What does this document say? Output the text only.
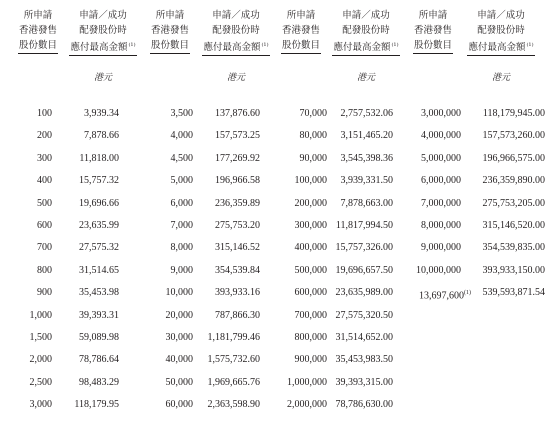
所申請
香港發售
股份數目
申請／成功
配發股份時
應付最高金額$^{(1)}$
港元
100	3,939.34
200	7,878.66
300	11,818.00
400	15,757.32
500	19,696.66
600	23,635.99
700	27,575.32
800	31,514.65
900	35,453.98
1,000	39,393.31
1,500	59,089.98
2,000	78,786.64
2,500	98,483.29
3,000 118,179.95
所申請
香港發售
股份數目
申請／成功
配發股份時
應付最高金額$^{(1)}$
港元
3,500 137,876.60
4,000 157,573.25
4,500 177,269.92
5,000 196,966.58
6,000 236,359.89
7,000 275,753.20
8,000 315,146.52
9,000 354,539.84
10,000 393,933.16
20,000 787,866.30
30,000 1,181,799.46
40,000 1,575,732.60
50,000 1,969,665.76
60,000 2,363,598.90
所申請
香港發售
股份數目
申請／成功
配發股份時
應付最高金額$^{(1)}$
港元
70,000 2,757,532.06
80,000 3,151,465.20
90,000 3,545,398.36
100,000 3,939,331.50
200,000 7,878,663.00
300,000 11,817,994.50
400,000 15,757,326.00
500,000 19,696,657.50
600,000 23,635,989.00
700,000 27,575,320.50
800,000 31,514,652.00
900,000 35,453,983.50
1,000,000 39,393,315.00
2,000,000 78,786,630.00
所申請
香港發售
股份數目
申請／成功
配發股份時
應付最高金額$^{(1)}$
港元
3,000,000 118,179,945.00
4,000,000 157,573,260.00
5,000,000 196,966,575.00
6,000,000 236,359,890.00
7,000,000 275,753,205.00
8,000,000 315,146,520.00
9,000,000 354,539,835.00
10,000,000 393,933,150.00
13,697,600$^{(1)}$ 539,593,871.54
